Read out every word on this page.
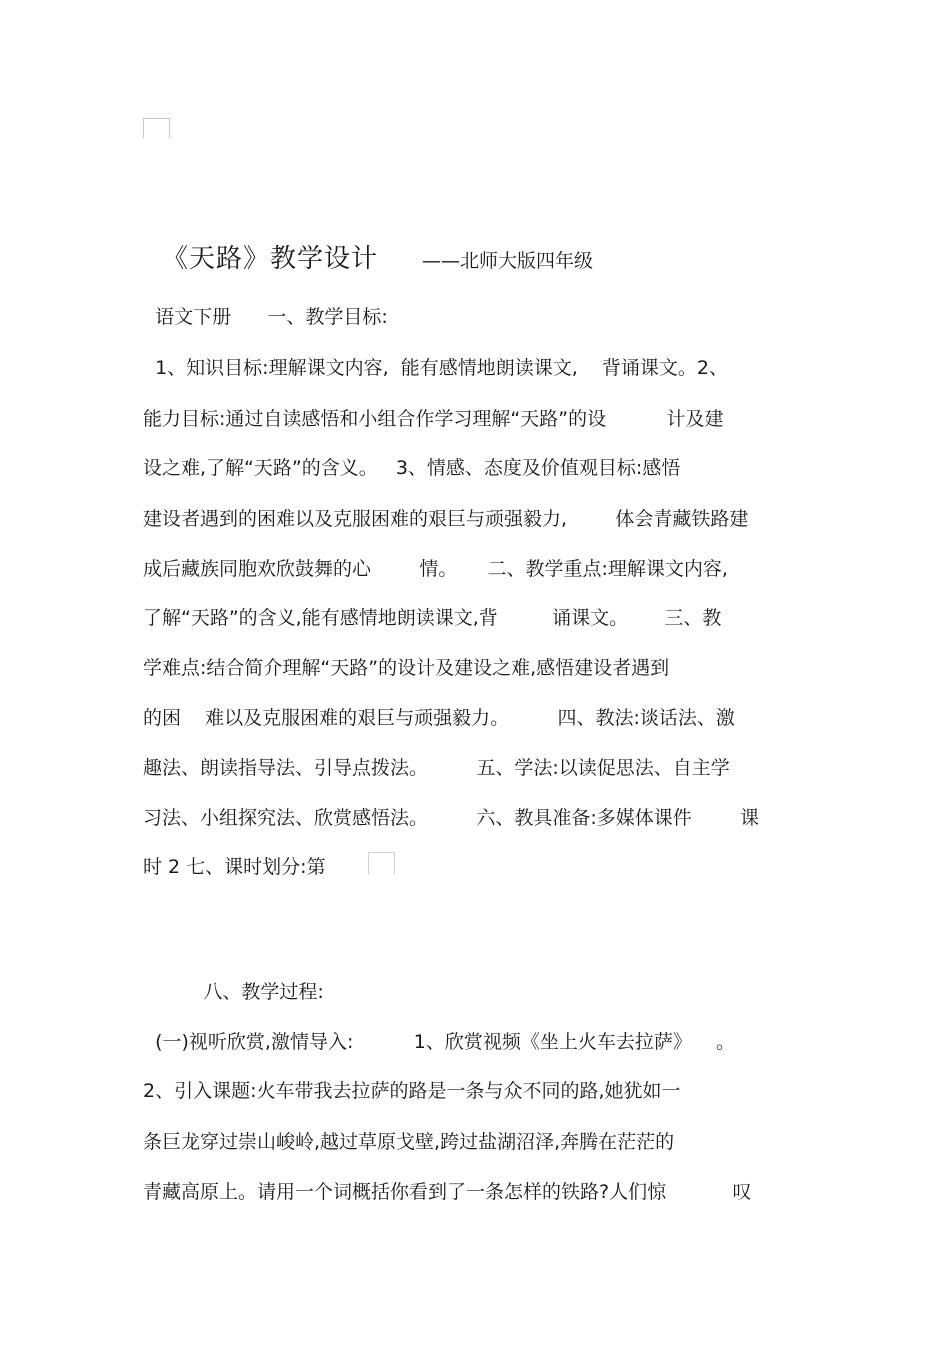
《天路》教学设计 ——北师大版四年级
语文下册      一、教学目标:
1、知识目标:理解课文内容,  能有感情地朗读课文,    背诵课文。2、
能力目标:通过自读感悟和小组合作学习理解“天路”的设          计及建
设之难,了解“天路”的含义。   3、情感、态度及价值观目标:感悟
建设者遇到的困难以及克服困难的艰巨与顽强毅力,        体会青藏铁路建
成后藏族同胞欢欣鼓舞的心        情。     二、教学重点:理解课文内容,
了解“天路”的含义,能有感情地朗读课文,背         诵课文。      三、教
学难点:结合简介理解“天路”的设计及建设之难,感悟建设者遇到
的困    难以及克服困难的艰巨与顽强毅力。        四、教法:谈话法、激
趣法、朗读指导法、引导点拨法。        五、学法:以读促思法、自主学
习法、小组探究法、欣赏感悟法。        六、教具准备:多媒体课件        课
时 2 七、课时划分:第
八、教学过程:
(一)视听欣赏,激情导入:          1、欣赏视频《坐上火车去拉萨》    。
2、引入课题:火车带我去拉萨的路是一条与众不同的路,她犹如一
条巨龙穿过崇山峻岭,越过草原戈壁,跨过盐湖沼泽,奔腾在茫茫的
青藏高原上。请用一个词概括你看到了一条怎样的铁路?人们惊           叹
